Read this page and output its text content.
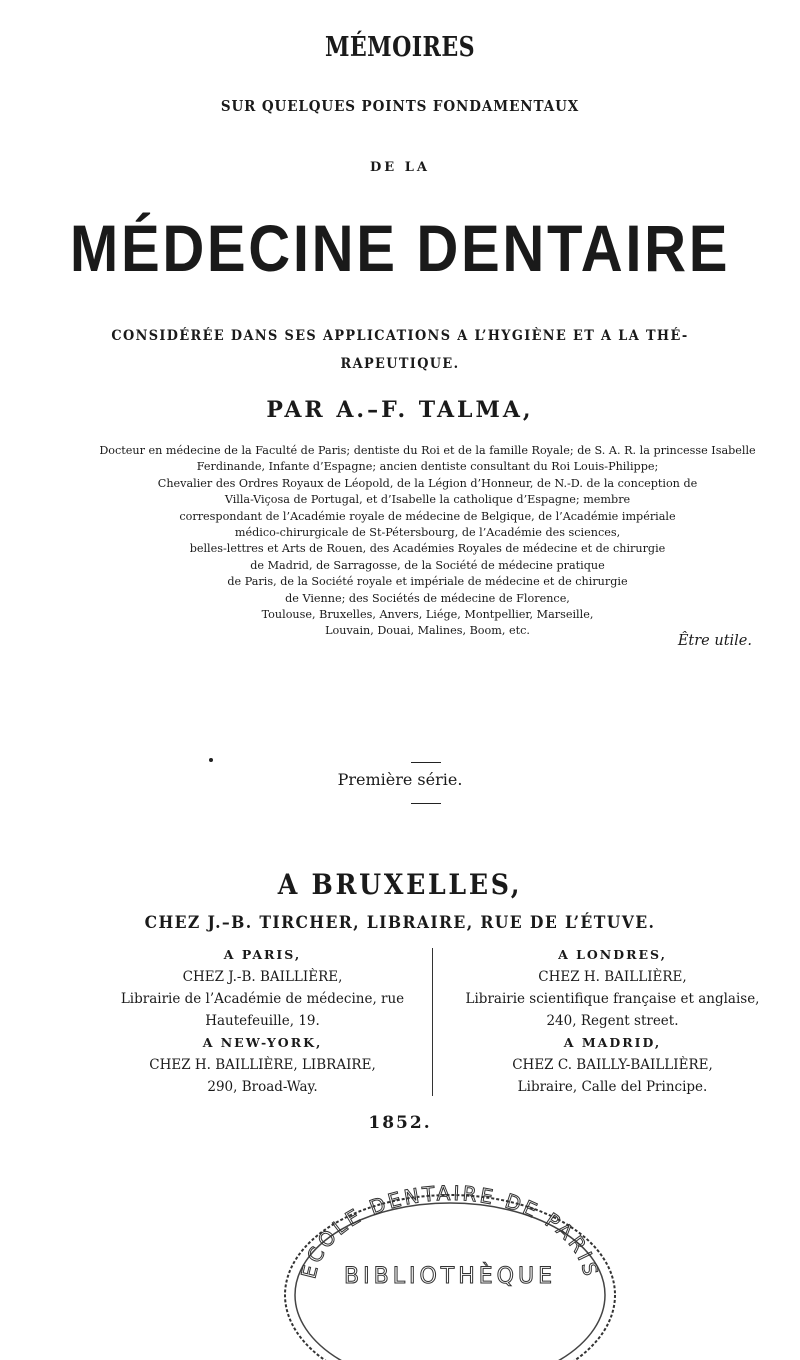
MÉMOIRES
SUR QUELQUES POINTS FONDAMENTAUX
DE LA
MÉDECINE DENTAIRE
CONSIDÉRÉE DANS SES APPLICATIONS A L’HYGIÈNE ET A LA THÉ-
RAPEUTIQUE.
PAR A.–F. TALMA,
Docteur en médecine de la Faculté de Paris; dentiste du Roi et de la famille Royale; de S. A. R. la princesse Isabelle
Ferdinande, Infante d’Espagne; ancien dentiste consultant du Roi Louis-Philippe;
Chevalier des Ordres Royaux de Léopold, de la Légion d’Honneur, de N.-D. de la conception de
Villa-Viçosa de Portugal, et d’Isabelle la catholique d’Espagne; membre
correspondant de l’Académie royale de médecine de Belgique, de l’Académie impériale
médico-chirurgicale de St-Pétersbourg, de l’Académie des sciences,
belles-lettres et Arts de Rouen, des Académies Royales de médecine et de chirurgie
de Madrid, de Sarragosse, de la Société de médecine pratique
de Paris, de la Société royale et impériale de médecine et de chirurgie
de Vienne; des Sociétés de médecine de Florence,
Toulouse, Bruxelles, Anvers, Liége, Montpellier, Marseille,
Louvain, Douai, Malines, Boom, etc.
Être utile.
Première série.
A BRUXELLES,
CHEZ J.–B. TIRCHER, LIBRAIRE, RUE DE L’ÉTUVE.
A PARIS,
CHEZ J.-B. BAILLIÈRE,
Librairie de l’Académie de médecine, rue
Hautefeuille, 19.
A NEW-YORK,
CHEZ H. BAILLIÈRE, LIBRAIRE,
290, Broad-Way.
A LONDRES,
CHEZ H. BAILLIÈRE,
Librairie scientifique française et anglaise,
240, Regent street.
A MADRID,
CHEZ C. BAILLY-BAILLIÈRE,
Libraire, Calle del Principe.
1852.
ECOLE DENTAIRE DE PARIS
BIBLIOTHÈQUE
